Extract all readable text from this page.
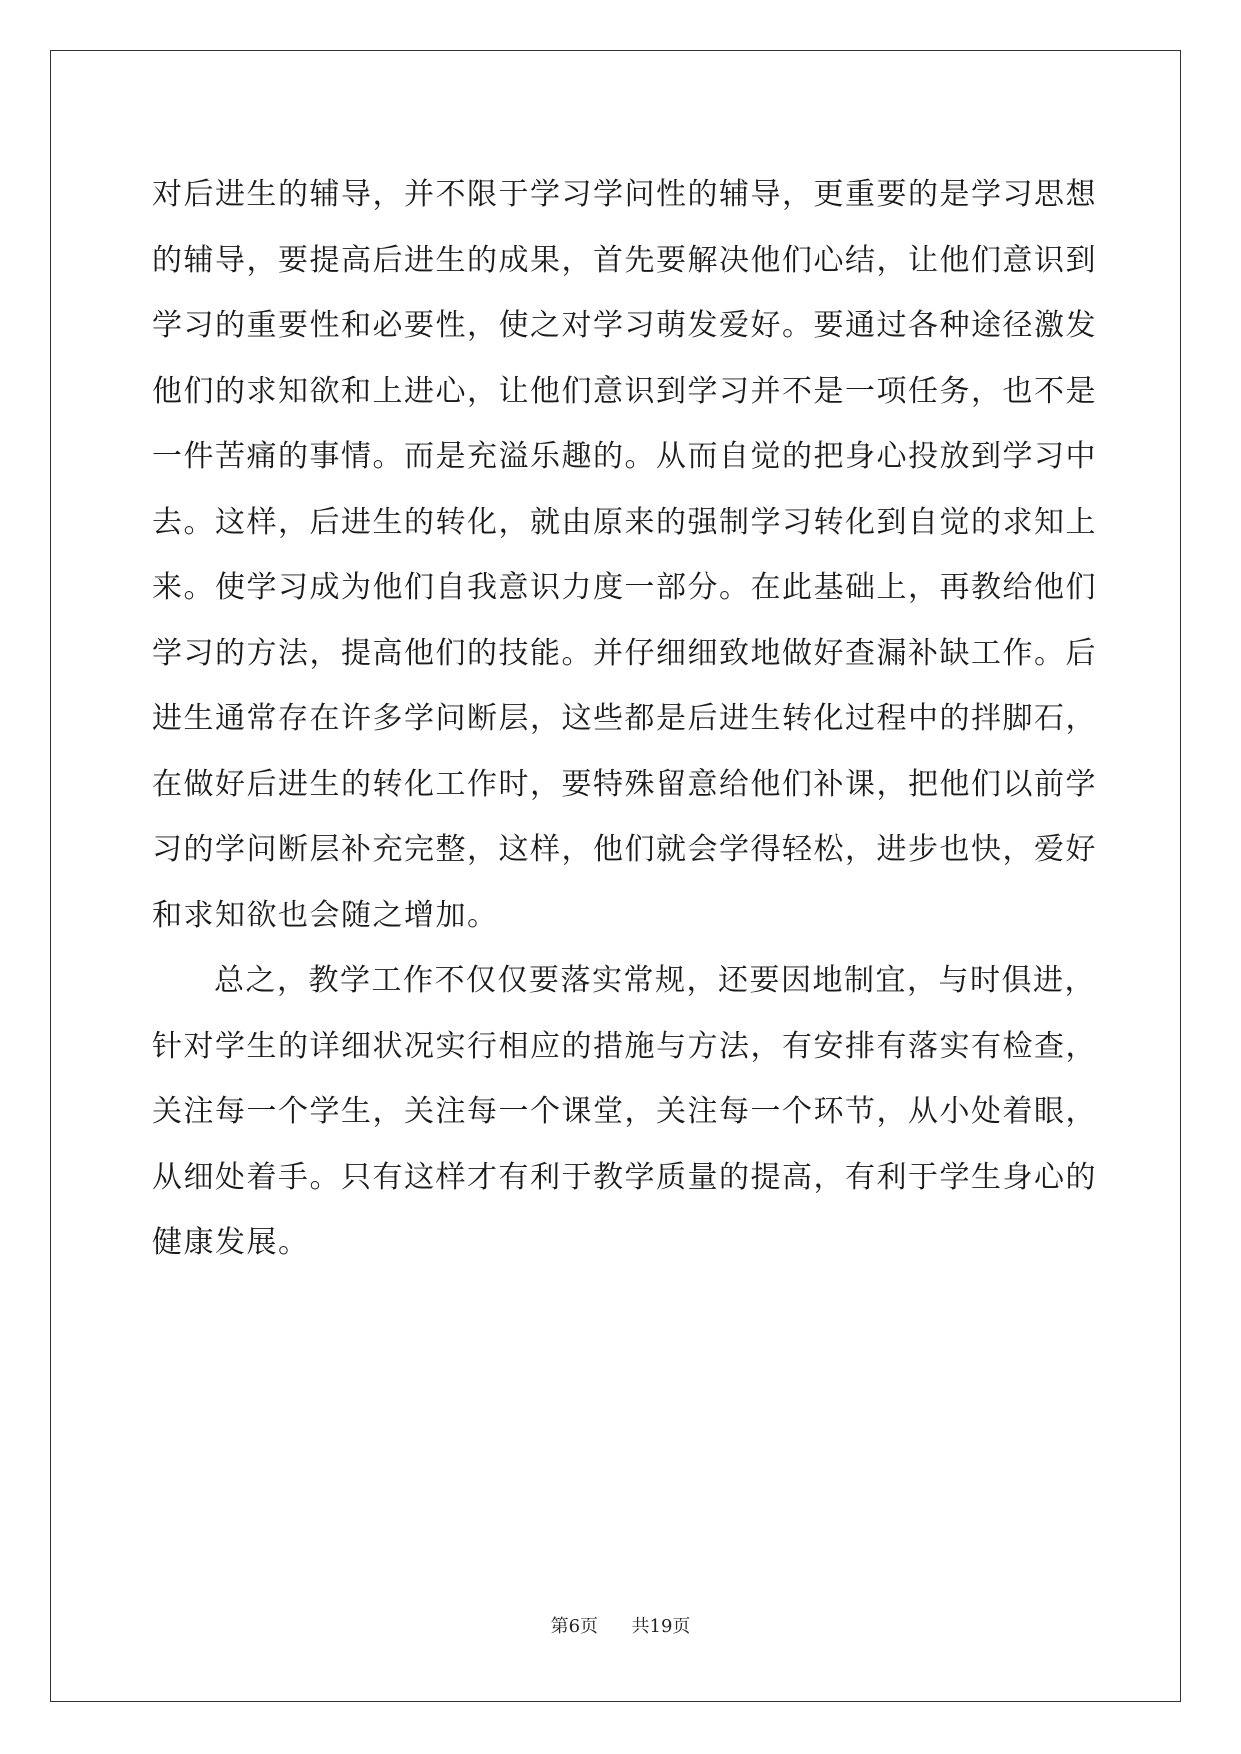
对后进生的辅导，并不限于学习学问性的辅导，更重要的是学习思想
的辅导，要提高后进生的成果，首先要解决他们心结，让他们意识到
学习的重要性和必要性，使之对学习萌发爱好。要通过各种途径激发
他们的求知欲和上进心，让他们意识到学习并不是一项任务，也不是
一件苦痛的事情。而是充溢乐趣的。从而自觉的把身心投放到学习中
去。这样，后进生的转化，就由原来的强制学习转化到自觉的求知上
来。使学习成为他们自我意识力度一部分。在此基础上，再教给他们
学习的方法，提高他们的技能。并仔细细致地做好查漏补缺工作。后
进生通常存在许多学问断层，这些都是后进生转化过程中的拌脚石，
在做好后进生的转化工作时，要特殊留意给他们补课，把他们以前学
习的学问断层补充完整，这样，他们就会学得轻松，进步也快，爱好
和求知欲也会随之增加。

总之，教学工作不仅仅要落实常规，还要因地制宜，与时俱进，
针对学生的详细状况实行相应的措施与方法，有安排有落实有检查，
关注每一个学生，关注每一个课堂，关注每一个环节，从小处着眼，
从细处着手。只有这样才有利于教学质量的提高，有利于学生身心的
健康发展。

第6页 共19页
